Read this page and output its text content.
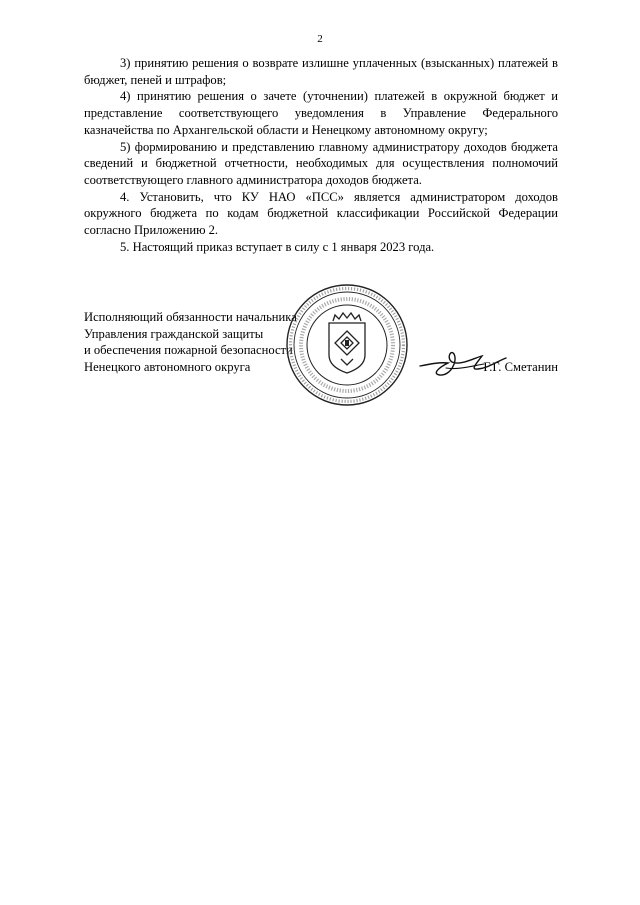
2

3) принятию решения о возврате излишне уплаченных (взысканных) платежей в бюджет, пеней и штрафов;

4) принятию решения о зачете (уточнении) платежей в окружной бюджет и представление соответствующего уведомления в Управление Федерального казначейства по Архангельской области и Ненецкому автономному округу;

5) формированию и представлению главному администратору доходов бюджета сведений и бюджетной отчетности, необходимых для осуществления полномочий соответствующего главного администратора доходов бюджета.

4. Установить, что КУ НАО «ПСС» является администратором доходов окружного бюджета по кодам бюджетной классификации Российской Федерации согласно Приложению 2.

5. Настоящий приказ вступает в силу с 1 января 2023 года.

Исполняющий обязанности начальника
Управления гражданской защиты
и обеспечения пожарной безопасности
Ненецкого автономного округа	Г.Г. Сметанин
